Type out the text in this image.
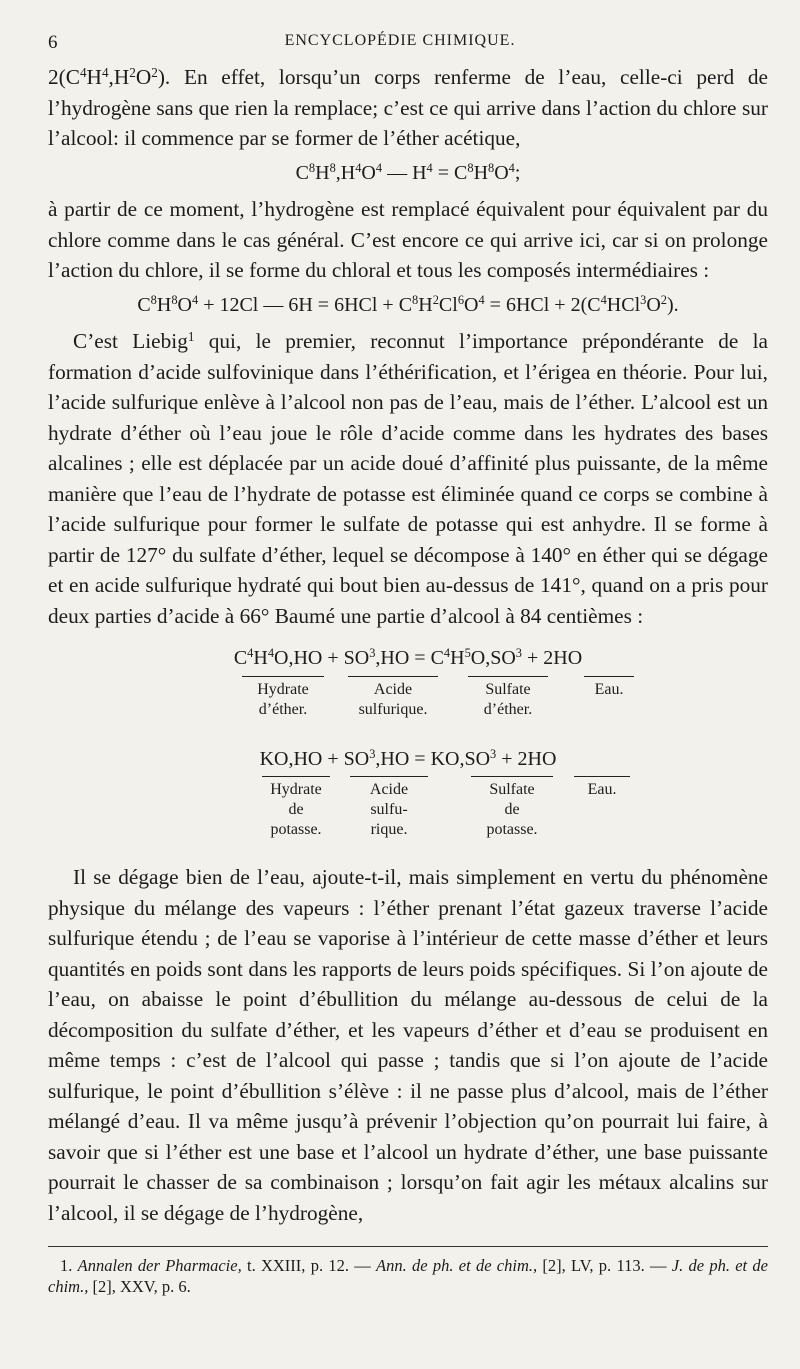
6	ENCYCLOPÉDIE CHIMIQUE.

$2(C^4H^4,H^2O^2)$. En effet, lorsqu’un corps renferme de l’eau, celle-ci perd de l’hydrogène sans que rien la remplace; c’est ce qui arrive dans l’action du chlore sur l’alcool: il commence par se former de l’éther acétique,

$C^8H^8,H^4O^4$ — $H^4 = C^8H^8O^4$;

à partir de ce moment, l’hydrogène est remplacé équivalent pour équivalent par du chlore comme dans le cas général. C’est encore ce qui arrive ici, car si on prolonge l’action du chlore, il se forme du chloral et tous les composés intermédiaires :

$C^8H^8O^4 + 12Cl$ — $6H = 6HCl + C^8H^2Cl^6O^4 = 6HCl + 2(C^4HCl^3O^2)$.

C’est Liebig$^1$ qui, le premier, reconnut l’importance prépondérante de la formation d’acide sulfovinique dans l’éthérification, et l’érigea en théorie. Pour lui, l’acide sulfurique enlève à l’alcool non pas de l’eau, mais de l’éther. L’alcool est un hydrate d’éther où l’eau joue le rôle d’acide comme dans les hydrates des bases alcalines ; elle est déplacée par un acide doué d’affinité plus puissante, de la même manière que l’eau de l’hydrate de potasse est éliminée quand ce corps se combine à l’acide sulfurique pour former le sulfate de potasse qui est anhydre. Il se forme à partir de 127° du sulfate d’éther, lequel se décompose à 140° en éther qui se dégage et en acide sulfurique hydraté qui bout bien au-dessus de 141°, quand on a pris pour deux parties d’acide à 66° Baumé une partie d’alcool à 84 centièmes :

$C^4H^4O,HO + SO^3,HO = C^4H^5O,SO^3 + 2HO$
Hydrate
d’éther.
Acide
sulfurique.
Sulfate
d’éther.
Eau.
$KO,HO + SO^3,HO = KO,SO^3 + 2HO$
Hydrate
de
potasse.
Acide
sulfu-
rique.
Sulfate
de
potasse.
Eau.

Il se dégage bien de l’eau, ajoute-t-il, mais simplement en vertu du phénomène physique du mélange des vapeurs : l’éther prenant l’état gazeux traverse l’acide sulfurique étendu ; de l’eau se vaporise à l’intérieur de cette masse d’éther et leurs quantités en poids sont dans les rapports de leurs poids spécifiques. Si l’on ajoute de l’eau, on abaisse le point d’ébullition du mélange au-dessous de celui de la décomposition du sulfate d’éther, et les vapeurs d’éther et d’eau se produisent en même temps : c’est de l’alcool qui passe ; tandis que si l’on ajoute de l’acide sulfurique, le point d’ébullition s’élève : il ne passe plus d’alcool, mais de l’éther mélangé d’eau. Il va même jusqu’à prévenir l’objection qu’on pourrait lui faire, à savoir que si l’éther est une base et l’alcool un hydrate d’éther, une base puissante pourrait le chasser de sa combinaison ; lorsqu’on fait agir les métaux alcalins sur l’alcool, il se dégage de l’hydrogène,

1. Annalen der Pharmacie, t. XXIII, p. 12. — Ann. de ph. et de chim., [2], LV, p. 113. — J. de ph. et de chim., [2], XXV, p. 6.
